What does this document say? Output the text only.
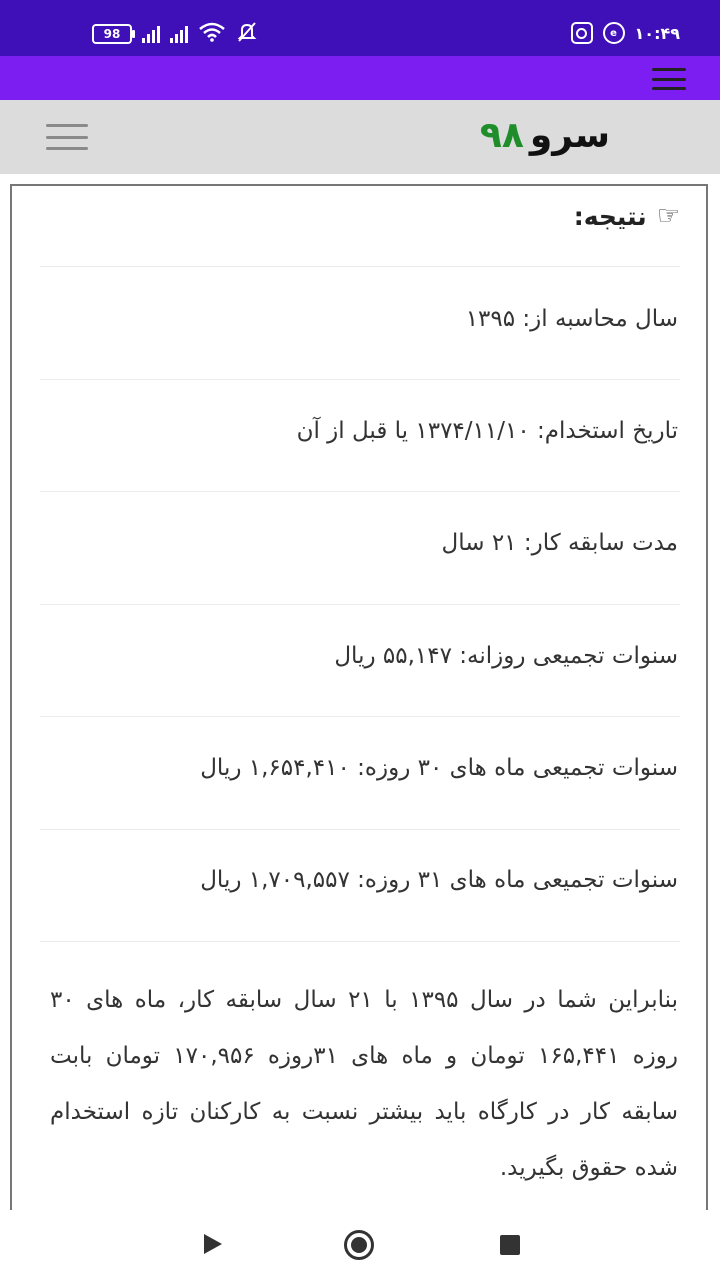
98	e	۱۰:۴۹
سرو۹۸
☞
نتیجه:
سال محاسبه از: ۱۳۹۵
تاریخ استخدام: ۱۳۷۴/۱۱/۱۰ یا قبل از آن
مدت سابقه کار: ۲۱ سال
سنوات تجمیعی روزانه: ۵۵,۱۴۷ ریال
سنوات تجمیعی ماه های ۳۰ روزه: ۱,۶۵۴,۴۱۰ ریال
سنوات تجمیعی ماه های ۳۱ روزه: ۱,۷۰۹,۵۵۷ ریال
بنابراین شما در سال ۱۳۹۵ با ۲۱ سال سابقه کار، ماه های ۳۰ روزه ۱۶۵,۴۴۱ تومان و ماه های ۳۱روزه ۱۷۰,۹۵۶ تومان بابت سابقه کار در کارگاه باید بیشتر نسبت به کارکنان تازه استخدام شده حقوق بگیرید.
